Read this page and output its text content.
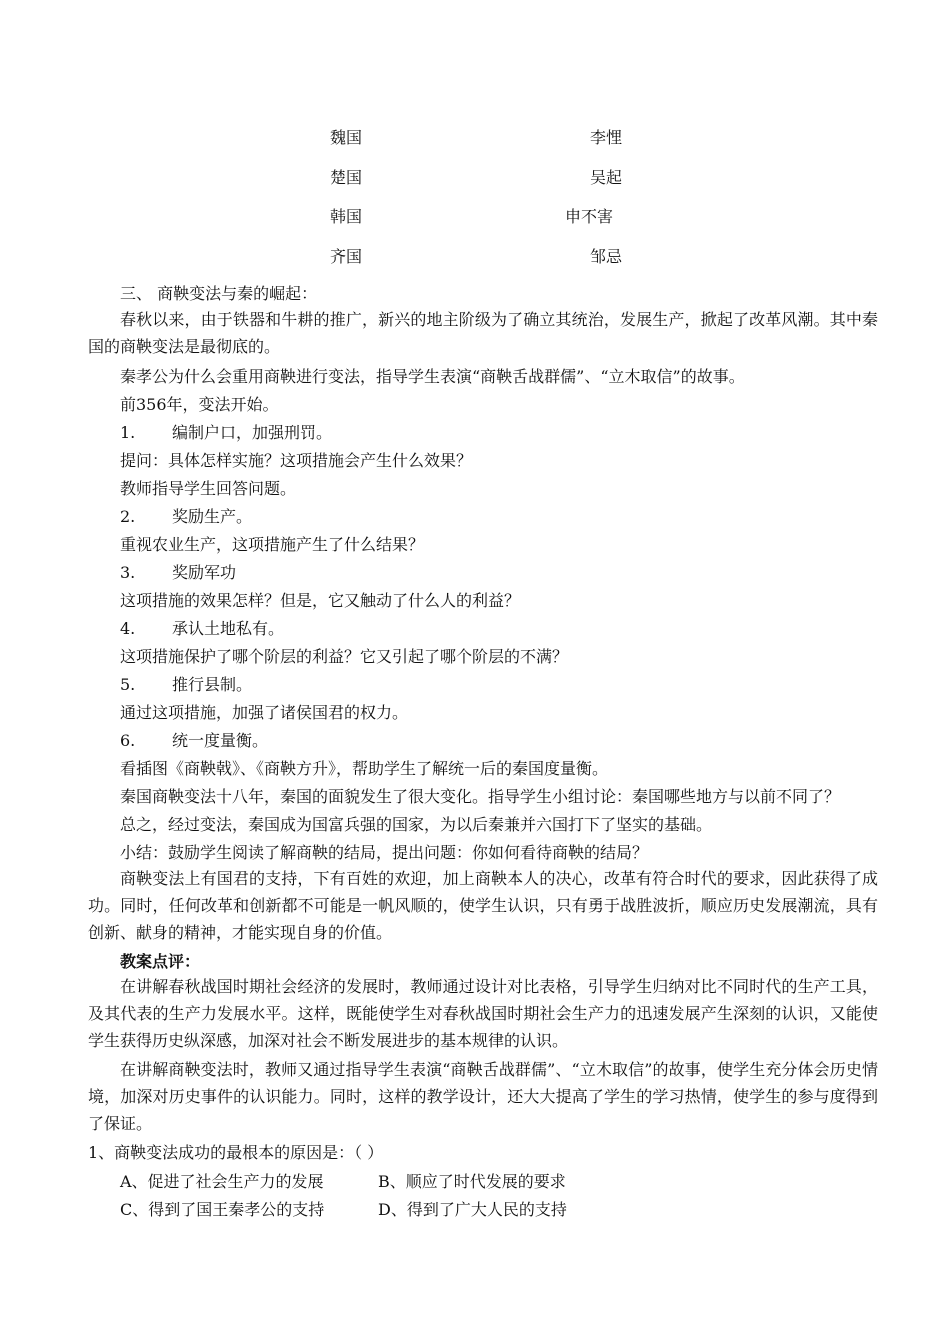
魏国	李悝
楚国	吴起
韩国	申不害
齐国	邹忌
三、 商鞅变法与秦的崛起：
春秋以来，由于铁器和牛耕的推广，新兴的地主阶级为了确立其统治，发展生产，掀起了改革风潮。其中秦国的商鞅变法是最彻底的。
秦孝公为什么会重用商鞅进行变法，指导学生表演“商鞅舌战群儒”、“立木取信”的故事。
前356年，变法开始。
1. 编制户口，加强刑罚。
提问：具体怎样实施？这项措施会产生什么效果？
教师指导学生回答问题。
2. 奖励生产。
重视农业生产，这项措施产生了什么结果？
3. 奖励军功
这项措施的效果怎样？但是，它又触动了什么人的利益？
4. 承认土地私有。
这项措施保护了哪个阶层的利益？它又引起了哪个阶层的不满？
5. 推行县制。
通过这项措施，加强了诸侯国君的权力。
6. 统一度量衡。
看插图《商鞅戟》、《商鞅方升》，帮助学生了解统一后的秦国度量衡。
秦国商鞅变法十八年，秦国的面貌发生了很大变化。指导学生小组讨论：秦国哪些地方与以前不同了？
总之，经过变法，秦国成为国富兵强的国家，为以后秦兼并六国打下了坚实的基础。
小结：鼓励学生阅读了解商鞅的结局，提出问题：你如何看待商鞅的结局？
商鞅变法上有国君的支持，下有百姓的欢迎，加上商鞅本人的决心，改革有符合时代的要求，因此获得了成功。同时，任何改革和创新都不可能是一帆风顺的，使学生认识，只有勇于战胜波折，顺应历史发展潮流，具有创新、献身的精神，才能实现自身的价值。
教案点评：
在讲解春秋战国时期社会经济的发展时，教师通过设计对比表格，引导学生归纳对比不同时代的生产工具，及其代表的生产力发展水平。这样，既能使学生对春秋战国时期社会生产力的迅速发展产生深刻的认识，又能使学生获得历史纵深感，加深对社会不断发展进步的基本规律的认识。
在讲解商鞅变法时，教师又通过指导学生表演“商鞅舌战群儒”、“立木取信”的故事，使学生充分体会历史情境，加深对历史事件的认识能力。同时，这样的教学设计，还大大提高了学生的学习热情，使学生的参与度得到了保证。
1、商鞅变法成功的最根本的原因是：（ ）
A、促进了社会生产力的发展	B、顺应了时代发展的要求
C、得到了国王秦孝公的支持	D、得到了广大人民的支持
